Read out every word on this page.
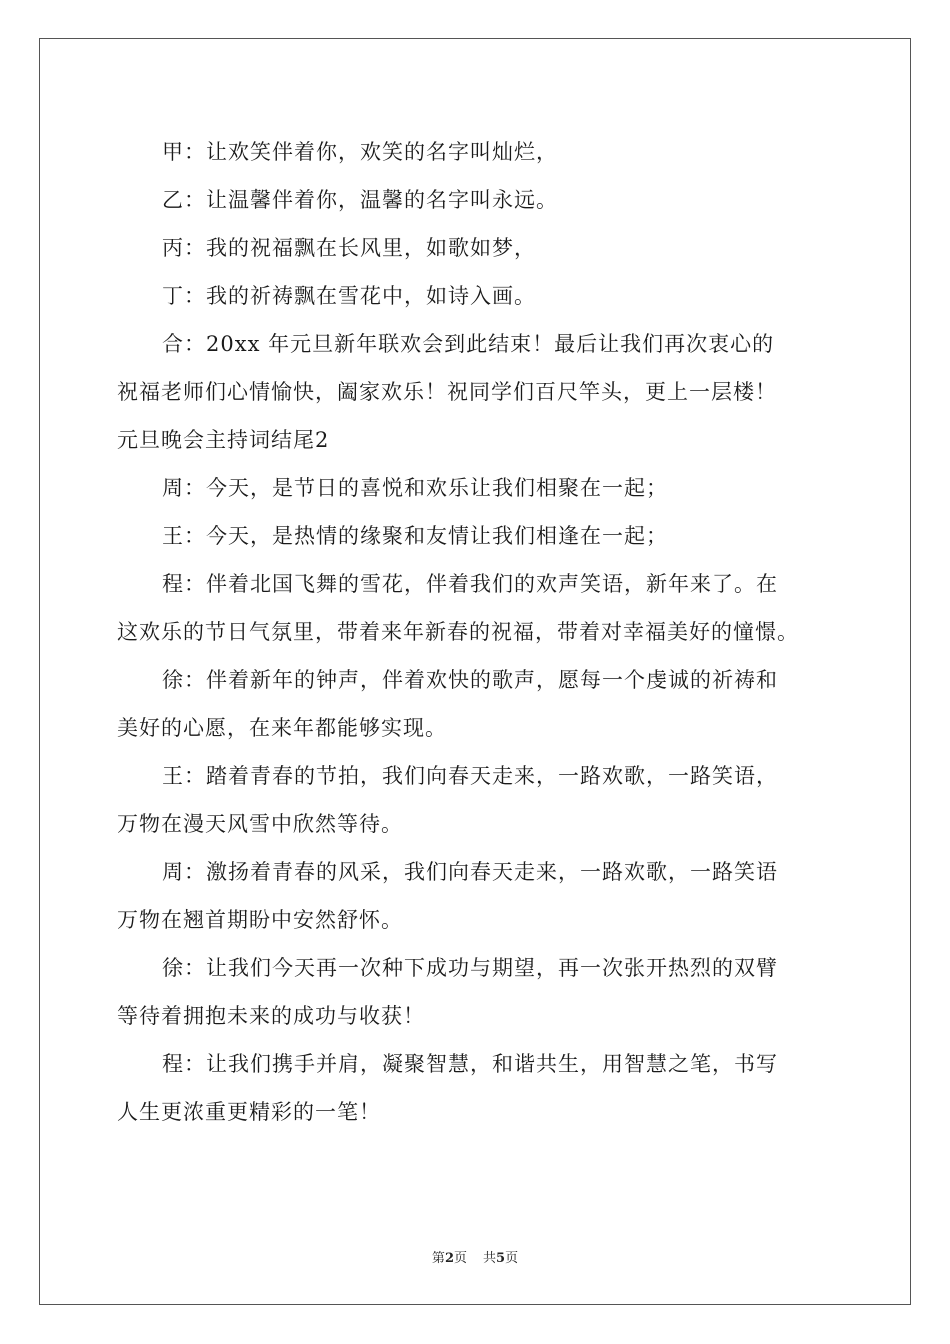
甲：让欢笑伴着你，欢笑的名字叫灿烂，
乙：让温馨伴着你，温馨的名字叫永远。
丙：我的祝福飘在长风里，如歌如梦，
丁：我的祈祷飘在雪花中，如诗入画。
合：20xx 年元旦新年联欢会到此结束！最后让我们再次衷心的
祝福老师们心情愉快，阖家欢乐！祝同学们百尺竿头，更上一层楼！
元旦晚会主持词结尾2
周：今天，是节日的喜悦和欢乐让我们相聚在一起；
王：今天，是热情的缘聚和友情让我们相逢在一起；
程：伴着北国飞舞的雪花，伴着我们的欢声笑语，新年来了。在
这欢乐的节日气氛里，带着来年新春的祝福，带着对幸福美好的憧憬。
徐：伴着新年的钟声，伴着欢快的歌声，愿每一个虔诚的祈祷和
美好的心愿，在来年都能够实现。
王：踏着青春的节拍，我们向春天走来，一路欢歌，一路笑语，
万物在漫天风雪中欣然等待。
周：激扬着青春的风采，我们向春天走来，一路欢歌，一路笑语
万物在翘首期盼中安然舒怀。
徐：让我们今天再一次种下成功与期望，再一次张开热烈的双臂
等待着拥抱未来的成功与收获！
程：让我们携手并肩，凝聚智慧，和谐共生，用智慧之笔，书写
人生更浓重更精彩的一笔！
第2页 共5页
